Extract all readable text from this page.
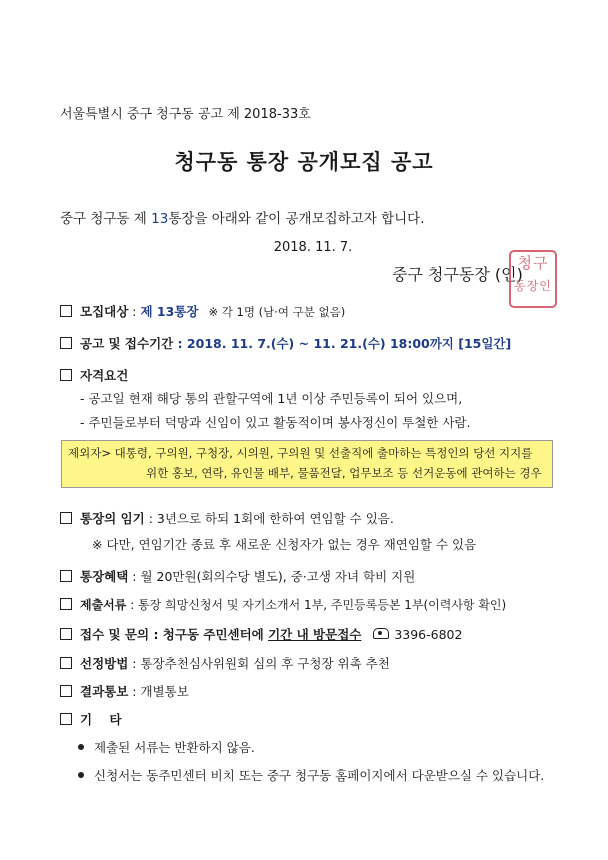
서울특별시 중구 청구동 공고 제 2018-33호
청구동 통장 공개모집 공고
중구 청구동 제 13통장을 아래와 같이 공개모집하고자 합니다.
2018. 11. 7.
중구 청구동장 (인)
청구
동장인
모집대상 : 제 13통장 ※ 각 1명 (남·여 구분 없음)
공고 및 접수기간 : 2018. 11. 7.(수) ~ 11. 21.(수) 18:00까지 [15일간]
자격요건
- 공고일 현재 해당 통의 관할구역에 1년 이상 주민등록이 되어 있으며,
- 주민들로부터 덕망과 신임이 있고 활동적이며 봉사정신이 투철한 사람.
제외자> 대통령, 구의원, 구청장, 시의원, 구의원 및 선출직에 출마하는 특정인의 당선 지지를
위한 홍보, 연락, 유인물 배부, 물품전달, 업무보조 등 선거운동에 관여하는 경우
통장의 임기 : 3년으로 하되 1회에 한하여 연임할 수 있음.
※ 다만, 연임기간 종료 후 새로운 신청자가 없는 경우 재연임할 수 있음
통장혜택 : 월 20만원(회의수당 별도), 중·고생 자녀 학비 지원
제출서류 : 통장 희망신청서 및 자기소개서 1부, 주민등록등본 1부(이력사항 확인)
접수 및 문의 : 청구동 주민센터에 기간 내 방문접수	3396-6802
선정방법 : 통장추천심사위원회 심의 후 구청장 위촉 추천
결과통보 : 개별통보
기    타
제출된 서류는 반환하지 않음.
신청서는 동주민센터 비치 또는 중구 청구동 홈페이지에서 다운받으실 수 있습니다.
